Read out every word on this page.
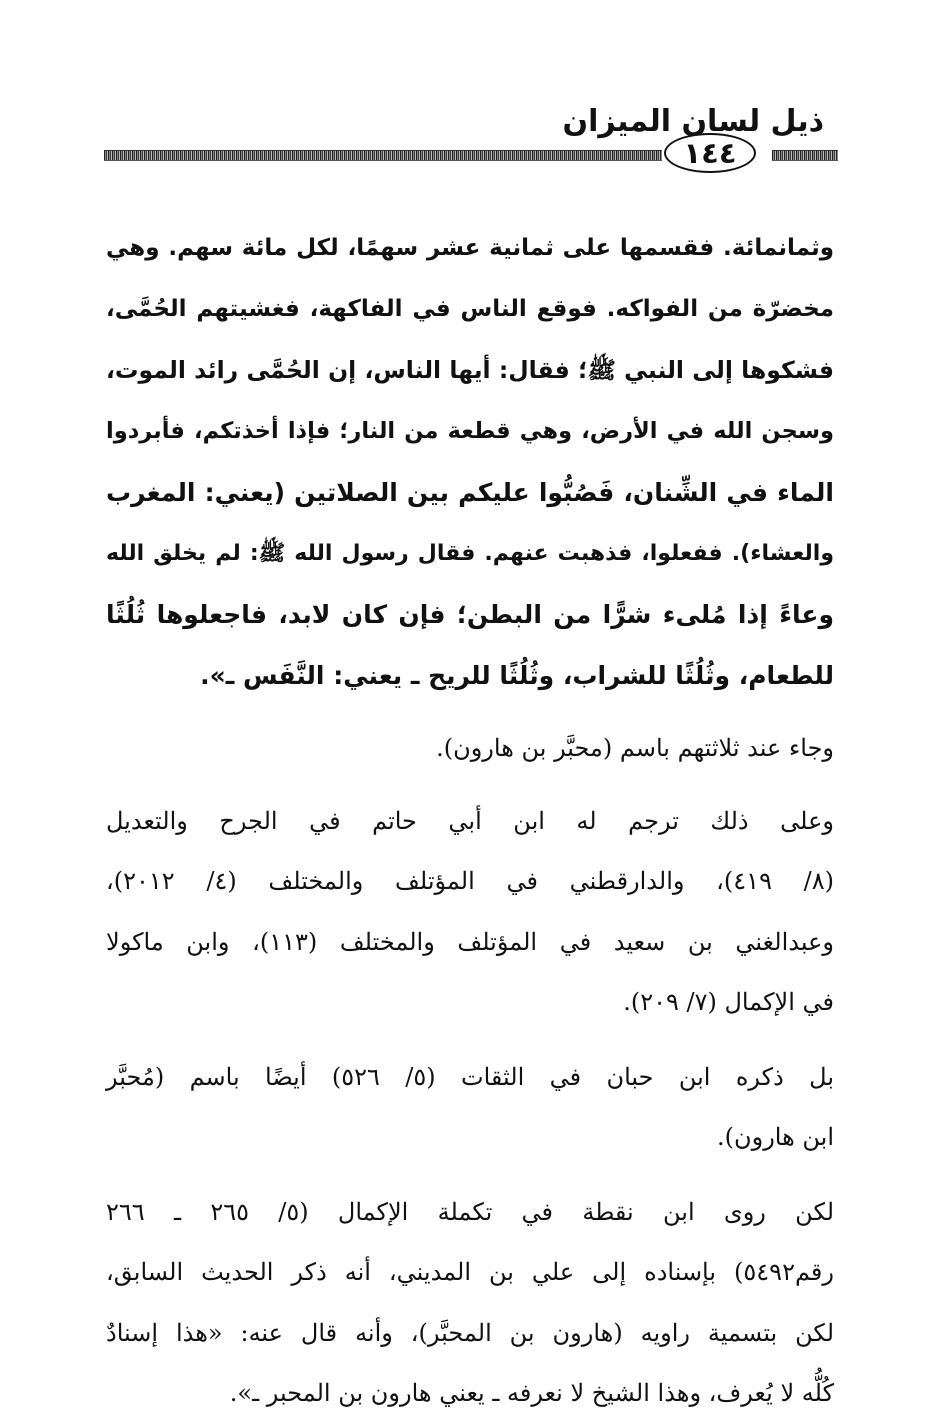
ذيل لسان الميزان
١٤٤
وثمانمائة. فقسمها على ثمانية عشر سهمًا، لكل مائة سهم. وهي
مخضرّة من الفواكه. فوقع الناس في الفاكهة، فغشيتهم الحُمَّى،
فشكوها إلى النبي ﷺ؛ فقال: أيها الناس، إن الحُمَّى رائد الموت،
وسجن الله في الأرض، وهي قطعة من النار؛ فإذا أخذتكم، فأبردوا
الماء في الشِّنان، فَصُبُّوا عليكم بين الصلاتين (يعني: المغرب
والعشاء). ففعلوا، فذهبت عنهم. فقال رسول الله ﷺ: لم يخلق الله
وعاءً إذا مُلىء شرًّا من البطن؛ فإن كان لابد، فاجعلوها ثُلُثًا
للطعام، وثُلُثًا للشراب، وثُلُثًا للريح ـ يعني: النَّفَس ـ».
وجاء عند ثلاثتهم باسم (محبَّر بن هارون).
وعلى ذلك ترجم له ابن أبي حاتم في الجرح والتعديل
(٨/ ٤١٩)، والدارقطني في المؤتلف والمختلف (٤/ ٢٠١٢)،
وعبدالغني بن سعيد في المؤتلف والمختلف (١١٣)، وابن ماكولا
في الإكمال (٧/ ٢٠٩).
بل ذكره ابن حبان في الثقات (٥/ ٥٢٦) أيضًا باسم (مُحبَّر
ابن هارون).
لكن روى ابن نقطة في تكملة الإكمال (٥/ ٢٦٥ ـ ٢٦٦
رقم٥٤٩٢) بإسناده إلى علي بن المديني، أنه ذكر الحديث السابق،
لكن بتسمية راويه (هارون بن المحبَّر)، وأنه قال عنه: «هذا إسنادٌ
كُلُّه لا يُعرف، وهذا الشيخ لا نعرفه ـ يعني هارون بن المحبر ـ».
